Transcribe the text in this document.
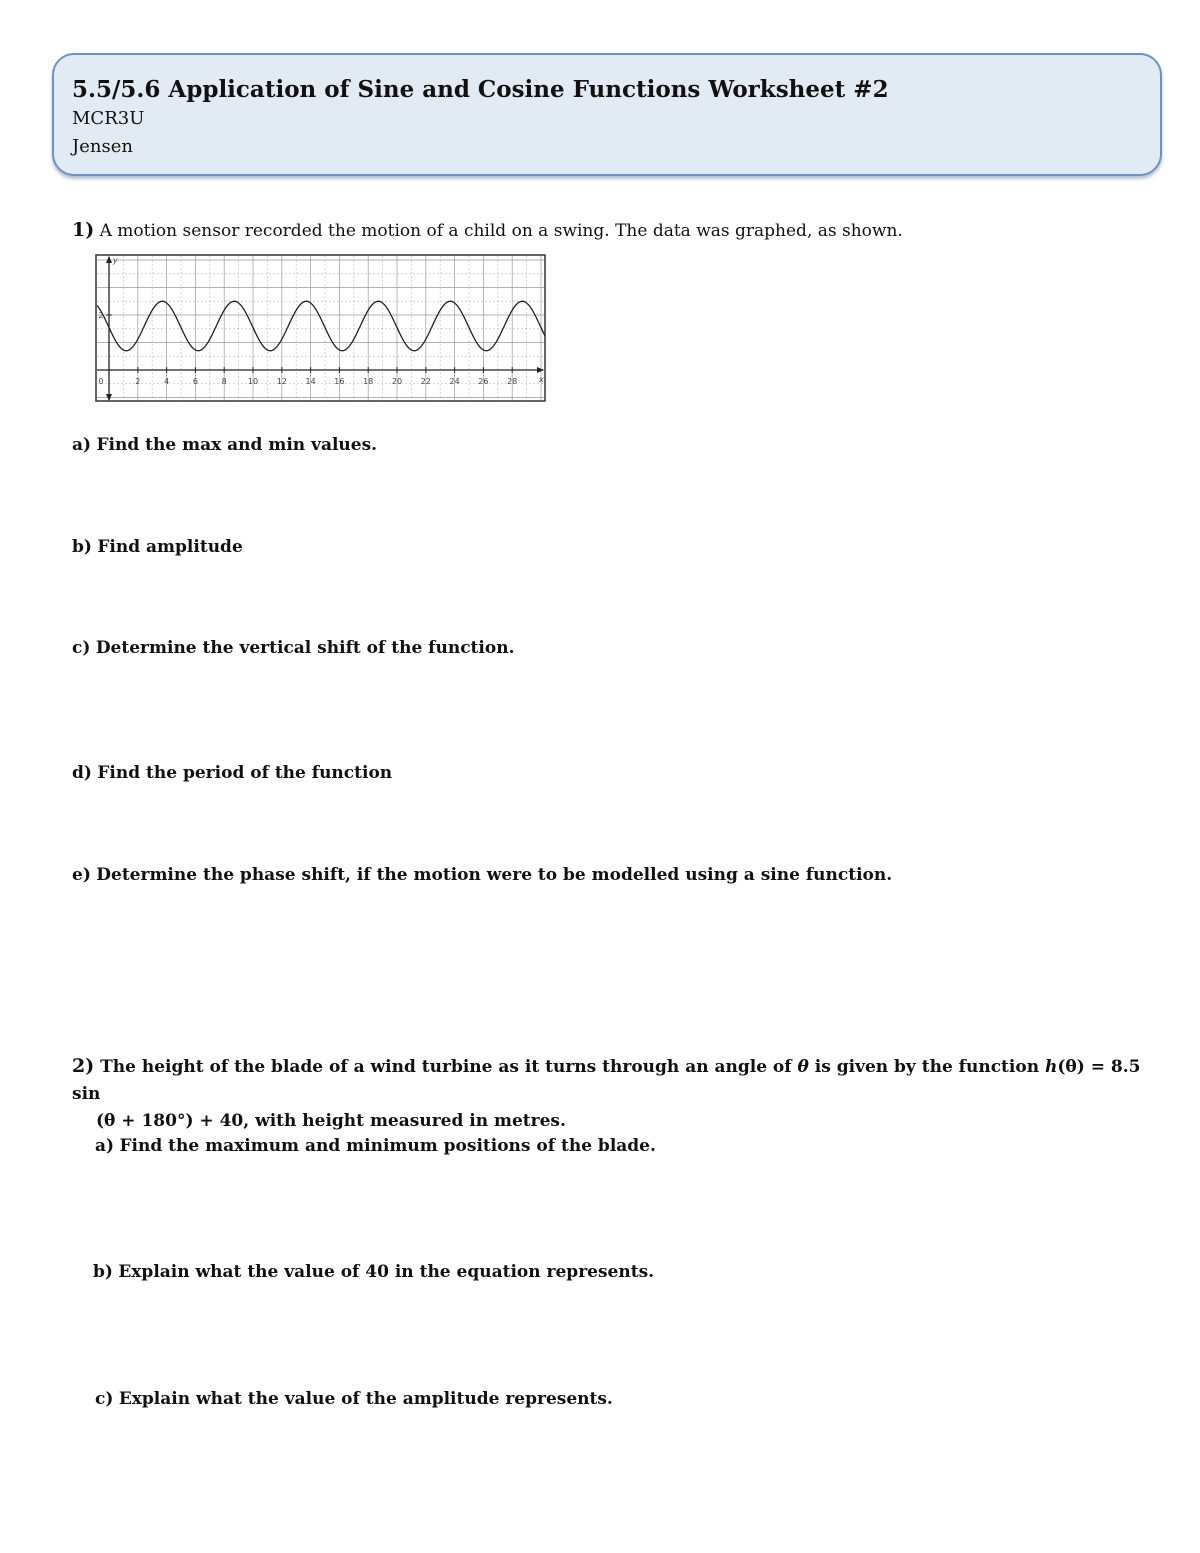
5.5/5.6 Application of Sine and Cosine Functions Worksheet #2

MCR3U

Jensen

1) A motion sensor recorded the motion of a child on a swing. The data was graphed, as shown.
0	2	4	6	8	10 12 14 16 18 20 22 24 26 28
2
y
x
a) Find the max and min values.
b) Find amplitude
c) Determine the vertical shift of the function.
d) Find the period of the function
e) Determine the phase shift, if the motion were to be modelled using a sine function.
2) The height of the blade of a wind turbine as it turns through an angle of θ is given by the function h(θ) = 8.5 sin
(θ + 180°) + 40, with height measured in metres.
a) Find the maximum and minimum positions of the blade.
b) Explain what the value of 40 in the equation represents.
c) Explain what the value of the amplitude represents.
